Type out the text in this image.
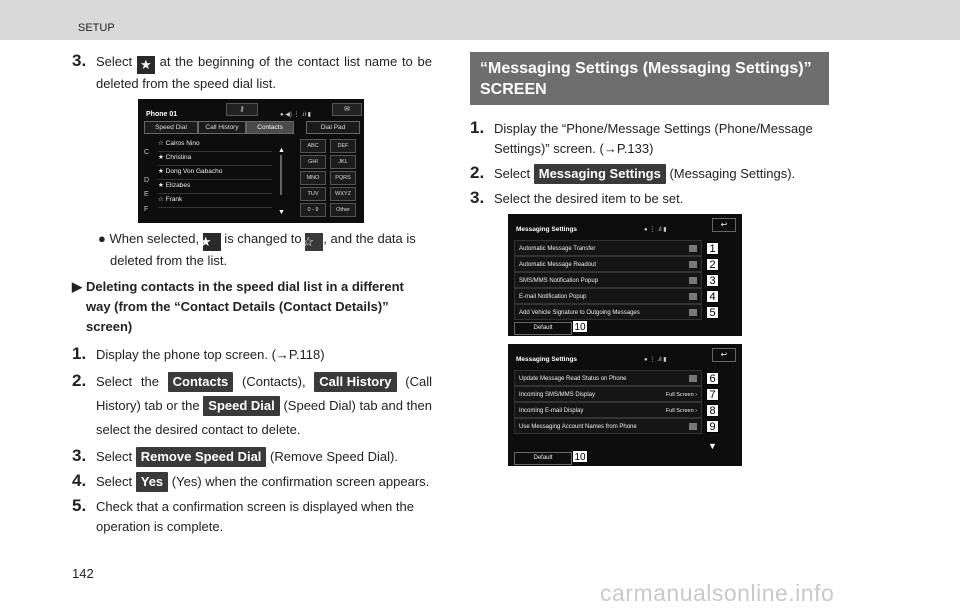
SETUP
3. Select ★ at the beginning of the contact list name to be deleted from the speed dial list.
Phone 01
⚷
● ◀) ⋮ .ıl ▮
✉
Speed Dial	Call History	Contacts	Dial Pad
C
D
E
F
☆ Calros Nino
★ Christina
★ Dong Von Gabacho
★ Elizabes
☆ Frank
▲
▼
ABC	DEF
GHI	JKL
MNO	PQRS
TUV	WXYZ
0 - 9	Other
● When selected, ★ is changed to ☆ , and the data is deleted from the list.
▶ Deleting contacts in the speed dial list in a different way (from the “Contact Details (Contact Details)” screen)
1. Display the phone top screen. (→P.118)
2. Select the Contacts (Contacts), Call History (Call History) tab or the Speed Dial (Speed Dial) tab and then select the desired contact to delete.
3. Select Remove Speed Dial (Remove Speed Dial).
4. Select Yes (Yes) when the confirmation screen appears.
5. Check that a confirmation screen is displayed when the operation is complete.
“Messaging Settings (Messaging Settings)” SCREEN
1. Display the “Phone/Message Settings (Phone/Message Settings)” screen. (→P.133)
2. Select Messaging Settings (Messaging Settings).
3. Select the desired item to be set.
Messaging Settings	● ⋮ .ıl ▮
↩
Automatic Message Transfer
Automatic Message Readout
SMS/MMS Notification Popup
E-mail Notification Popup
Add Vehicle Signature to Outgoing Messages
1
2
3
4
5
Default	10
Messaging Settings	● ⋮ .ıl ▮
↩
Update Message Read Status on Phone
Incoming SMS/MMS Display	Full Screen ›
Incoming E-mail Display	Full Screen ›
Use Messaging Account Names from Phone
6
7
8
9
▼
Default	10
142
carmanualsonline.info
